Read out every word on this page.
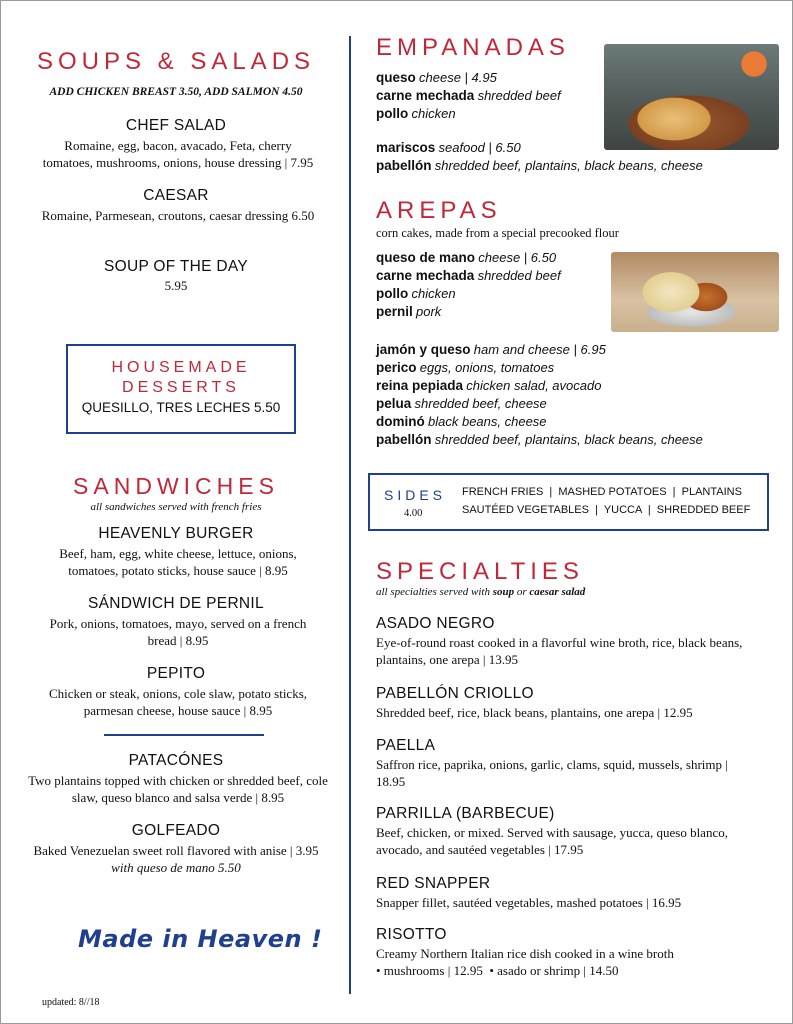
SOUPS & SALADS
ADD CHICKEN BREAST 3.50, ADD SALMON 4.50
CHEF SALAD
Romaine, egg, bacon, avacado, Feta, cherry tomatoes, mushrooms, onions, house dressing | 7.95
CAESAR
Romaine, Parmesean, croutons, caesar dressing 6.50
SOUP OF THE DAY
5.95
HOUSEMADE
DESSERTS
QUESILLO, TRES LECHES 5.50
SANDWICHES
all sandwiches served with french fries
HEAVENLY BURGER
Beef, ham, egg, white cheese, lettuce, onions, tomatoes, potato sticks, house sauce | 8.95
SÁNDWICH DE PERNIL
Pork, onions, tomatoes, mayo, served on a french bread | 8.95
PEPITO
Chicken or steak, onions, cole slaw, potato sticks, parmesan cheese, house sauce | 8.95
PATACÓNES
Two plantains topped with chicken or shredded beef, cole slaw, queso blanco and salsa verde | 8.95
GOLFEADO
Baked Venezuelan sweet roll flavored with anise | 3.95
with queso de mano 5.50
Made in Heaven !
updated: 8//18
EMPANADAS
queso cheese | 4.95
carne mechada shredded beef
pollo chicken
mariscos seafood | 6.50
pabellón shredded beef, plantains, black beans, cheese
AREPAS
corn cakes, made from a special precooked flour
queso de mano cheese | 6.50
carne mechada shredded beef
pollo chicken
pernil pork
jamón y queso ham and cheese | 6.95
perico eggs, onions, tomatoes
reina pepiada chicken salad, avocado
pelua shredded beef, cheese
dominó black beans, cheese
pabellón shredded beef, plantains, black beans, cheese
SIDES
4.00
FRENCH FRIES  |  MASHED POTATOES  |  PLANTAINS
SAUTÉED VEGETABLES  |  YUCCA  |  SHREDDED BEEF
SPECIALTIES
all specialties served with soup or caesar salad
ASADO NEGRO
Eye-of-round roast cooked in a flavorful wine broth, rice, black beans, plantains, one arepa | 13.95
PABELLÓN CRIOLLO
Shredded beef, rice, black beans, plantains, one arepa | 12.95
PAELLA
Saffron rice, paprika, onions, garlic, clams, squid, mussels, shrimp | 18.95
PARRILLA (BARBECUE)
Beef, chicken, or mixed. Served with sausage, yucca, queso blanco, avocado, and sautéed vegetables | 17.95
RED SNAPPER
Snapper fillet, sautéed vegetables, mashed potatoes | 16.95
RISOTTO
Creamy Northern Italian rice dish cooked in a wine broth
• mushrooms | 12.95  • asado or shrimp | 14.50
